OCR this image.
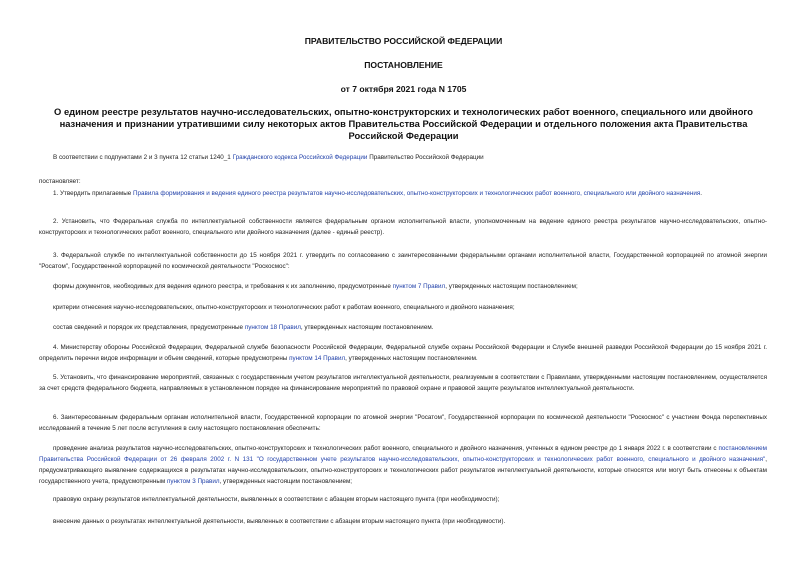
ПРАВИТЕЛЬСТВО РОССИЙСКОЙ ФЕДЕРАЦИИ
ПОСТАНОВЛЕНИЕ
от 7 октября 2021 года N 1705
О едином реестре результатов научно-исследовательских, опытно-конструкторских и технологических работ военного, специального или двойного назначения и признании утратившими силу некоторых актов Правительства Российской Федерации и отдельного положения акта Правительства Российской Федерации
В соответствии с подпунктами 2 и 3 пункта 12 статьи 1240_1 Гражданского кодекса Российской Федерации Правительство Российской Федерации
постановляет:
1. Утвердить прилагаемые Правила формирования и ведения единого реестра результатов научно-исследовательских, опытно-конструкторских и технологических работ военного, специального или двойного назначения.
2. Установить, что Федеральная служба по интеллектуальной собственности является федеральным органом исполнительной власти, уполномоченным на ведение единого реестра результатов научно-исследовательских, опытно-конструкторских и технологических работ военного, специального или двойного назначения (далее - единый реестр).
3. Федеральной службе по интеллектуальной собственности до 15 ноября 2021 г. утвердить по согласованию с заинтересованными федеральными органами исполнительной власти, Государственной корпорацией по атомной энергии "Росатом", Государственной корпорацией по космической деятельности "Роскосмос":
формы документов, необходимых для ведения единого реестра, и требования к их заполнению, предусмотренные пунктом 7 Правил, утвержденных настоящим постановлением;
критерии отнесения научно-исследовательских, опытно-конструкторских и технологических работ к работам военного, специального и двойного назначения;
состав сведений и порядок их представления, предусмотренные пунктом 18 Правил, утвержденных настоящим постановлением.
4. Министерству обороны Российской Федерации, Федеральной службе безопасности Российской Федерации, Федеральной службе охраны Российской Федерации и Службе внешней разведки Российской Федерации до 15 ноября 2021 г. определить перечни видов информации и объем сведений, которые предусмотрены пунктом 14 Правил, утвержденных настоящим постановлением.
5. Установить, что финансирование мероприятий, связанных с государственным учетом результатов интеллектуальной деятельности, реализуемым в соответствии с Правилами, утвержденными настоящим постановлением, осуществляется за счет средств федерального бюджета, направляемых в установленном порядке на финансирование мероприятий по правовой охране и правовой защите результатов интеллектуальной деятельности.
6. Заинтересованным федеральным органам исполнительной власти, Государственной корпорации по атомной энергии "Росатом", Государственной корпорации по космической деятельности "Роскосмос" с участием Фонда перспективных исследований в течение 5 лет после вступления в силу настоящего постановления обеспечить:
проведение анализа результатов научно-исследовательских, опытно-конструкторских и технологических работ военного, специального и двойного назначения, учтенных в едином реестре до 1 января 2022 г. в соответствии с постановлением Правительства Российской Федерации от 26 февраля 2002 г. N 131 "О государственном учете результатов научно-исследовательских, опытно-конструкторских и технологических работ военного, специального и двойного назначения", предусматривающего выявление содержащихся в результатах научно-исследовательских, опытно-конструкторских и технологических работ результатов интеллектуальной деятельности, которые относятся или могут быть отнесены к объектам государственного учета, предусмотренным пунктом 3 Правил, утвержденных настоящим постановлением;
правовую охрану результатов интеллектуальной деятельности, выявленных в соответствии с абзацем вторым настоящего пункта (при необходимости);
внесение данных о результатах интеллектуальной деятельности, выявленных в соответствии с абзацем вторым настоящего пункта (при необходимости).
